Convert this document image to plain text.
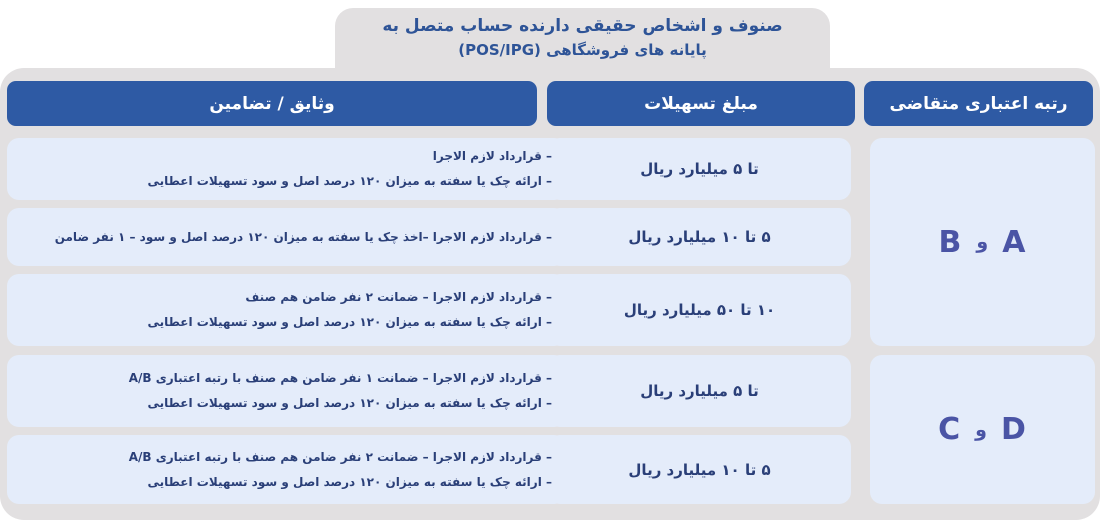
صنوف و اشخاص حقیقی دارنده حساب متصل به
پایانه های فروشگاهی (POS/IPG)
رتبه اعتباری متقاضی
مبلغ تسهیلات
وثایق / تضامین
B و A
C و D
تا ۵ میلیارد ریال
– قرارداد لازم الاجرا
– ارائه چک یا سفته به میزان ۱۲۰ درصد اصل و سود تسهیلات اعطایی
۵ تا ۱۰ میلیارد ریال
– قرارداد لازم الاجرا –اخذ چک یا سفته به میزان ۱۲۰ درصد اصل و سود – ۱ نفر ضامن
۱۰ تا ۵۰ میلیارد ریال
– قرارداد لازم الاجرا – ضمانت ۲ نفر ضامن هم صنف
– ارائه چک یا سفته به میزان ۱۲۰ درصد اصل و سود تسهیلات اعطایی
تا ۵ میلیارد ریال
– قرارداد لازم الاجرا – ضمانت ۱ نفر ضامن هم صنف با رتبه اعتباری A/B
– ارائه چک یا سفته به میزان ۱۲۰ درصد اصل و سود تسهیلات اعطایی
۵ تا ۱۰ میلیارد ریال
– قرارداد لازم الاجرا – ضمانت ۲ نفر ضامن هم صنف با رتبه اعتباری A/B
– ارائه چک یا سفته به میزان ۱۲۰ درصد اصل و سود تسهیلات اعطایی
